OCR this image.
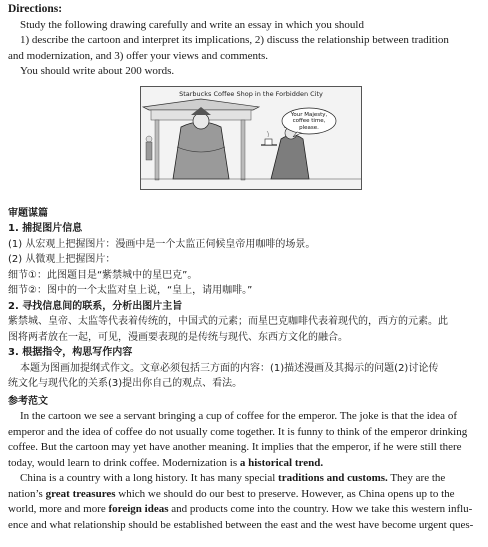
Directions:

Study the following drawing carefully and write an essay in which you should

1) describe the cartoon and interpret its implications, 2) discuss the relationship between tradition

and modernization, and 3) offer your views and comments.

You should write about 200 words.

Starbucks Coffee Shop in the Forbidden City
Your Majesty, coffee time, please.

审题谋篇

1. 捕捉图片信息

(1) 从宏观上把握图片：漫画中是一个太监正伺候皇帝用咖啡的场景。

(2) 从微观上把握图片：

细节①：此图题目是“紫禁城中的星巴克”。

细节②：图中的一个太监对皇上说，“皇上，请用咖啡。”

2. 寻找信息间的联系，分析出图片主旨

紫禁城、皇帝、太监等代表着传统的，中国式的元素；而星巴克咖啡代表着现代的，西方的元素。此

图将两者放在一起，可见，漫画要表现的是传统与现代、东西方文化的融合。

3. 根据指令，构思写作内容

本题为图画加提纲式作文。文章必须包括三方面的内容：(1)描述漫画及其揭示的问题(2)讨论传

统文化与现代化的关系(3)提出你自己的观点、看法。

参考范文

In the cartoon we see a servant bringing a cup of coffee for the emperor. The joke is that the idea of

emperor and the idea of coffee do not usually come together. It is funny to think of the emperor drinking

coffee. But the cartoon may yet have another meaning. It implies that the emperor, if he were still there

today, would learn to drink coffee. Modernization is a historical trend.

China is a country with a long history. It has many special traditions and customs. They are the

nation’s great treasures which we should do our best to preserve. However, as China opens up to the

world, more and more foreign ideas and products come into the country. How we take this western influ-

ence and what relationship should be established between the east and the west have become urgent ques-
